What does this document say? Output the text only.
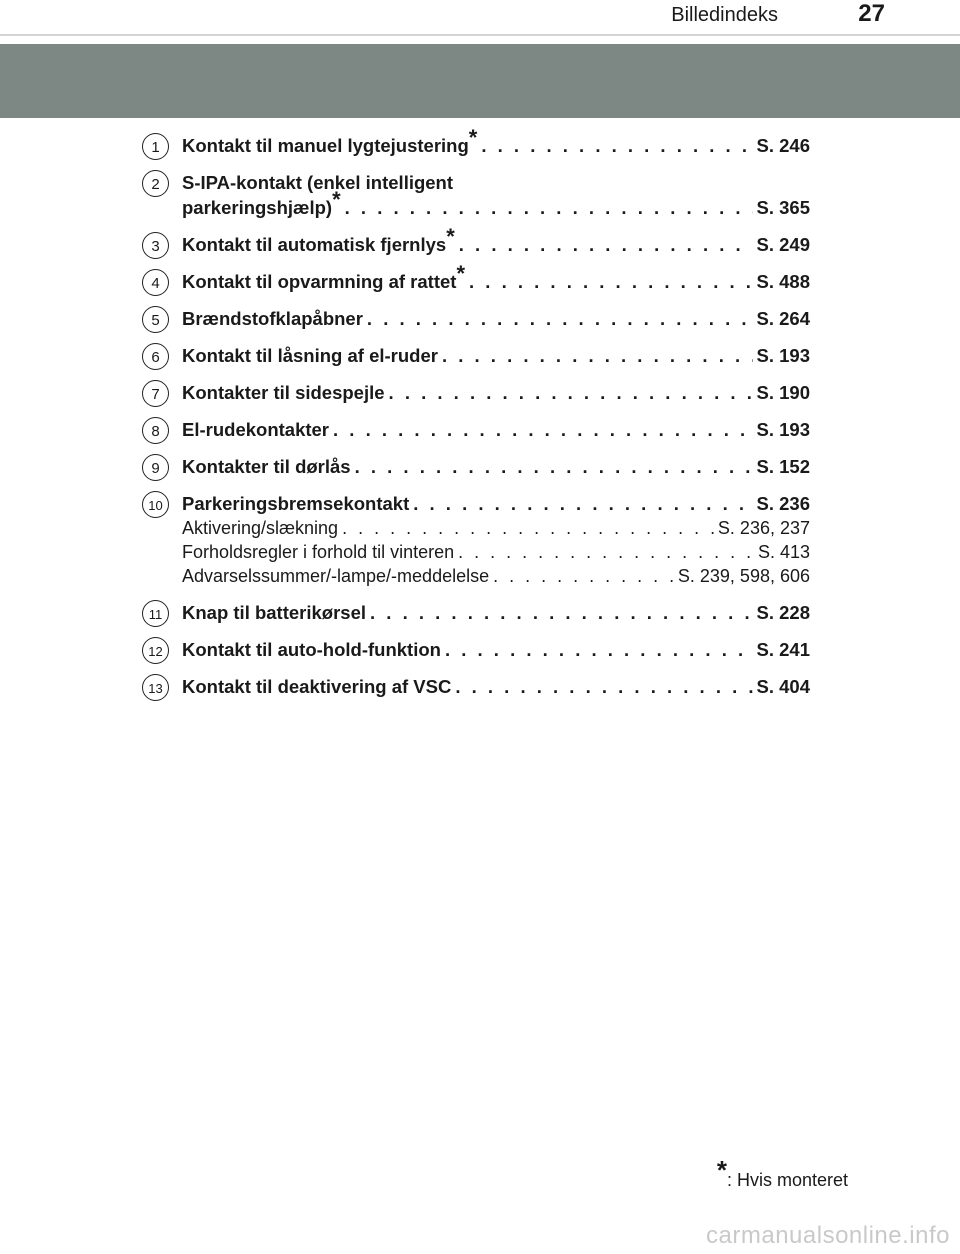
Billedindeks	27
1	Kontakt til manuel lygtejustering* . . .	S. 246
2	S-IPA-kontakt (enkel intelligent
parkeringshjælp)* . . .	S. 365
3	Kontakt til automatisk fjernlys* . . .	S. 249
4	Kontakt til opvarmning af rattet* . . .	S. 488
5	Brændstofklapåbner . . .	S. 264
6	Kontakt til låsning af el-ruder . . .	S. 193
7	Kontakter til sidespejle . . .	S. 190
8	El-rudekontakter . . .	S. 193
9	Kontakter til dørlås . . .	S. 152
10	Parkeringsbremsekontakt . . .	S. 236
Aktivering/slækning . . .	S. 236, 237
Forholdsregler i forhold til vinteren . . .	S. 413
Advarselssummer/-lampe/-meddelelse . . .	S. 239, 598, 606
11	Knap til batterikørsel . . .	S. 228
12	Kontakt til auto-hold-funktion . . .	S. 241
13	Kontakt til deaktivering af VSC . . .	S. 404
*: Hvis monteret
carmanualsonline.info
